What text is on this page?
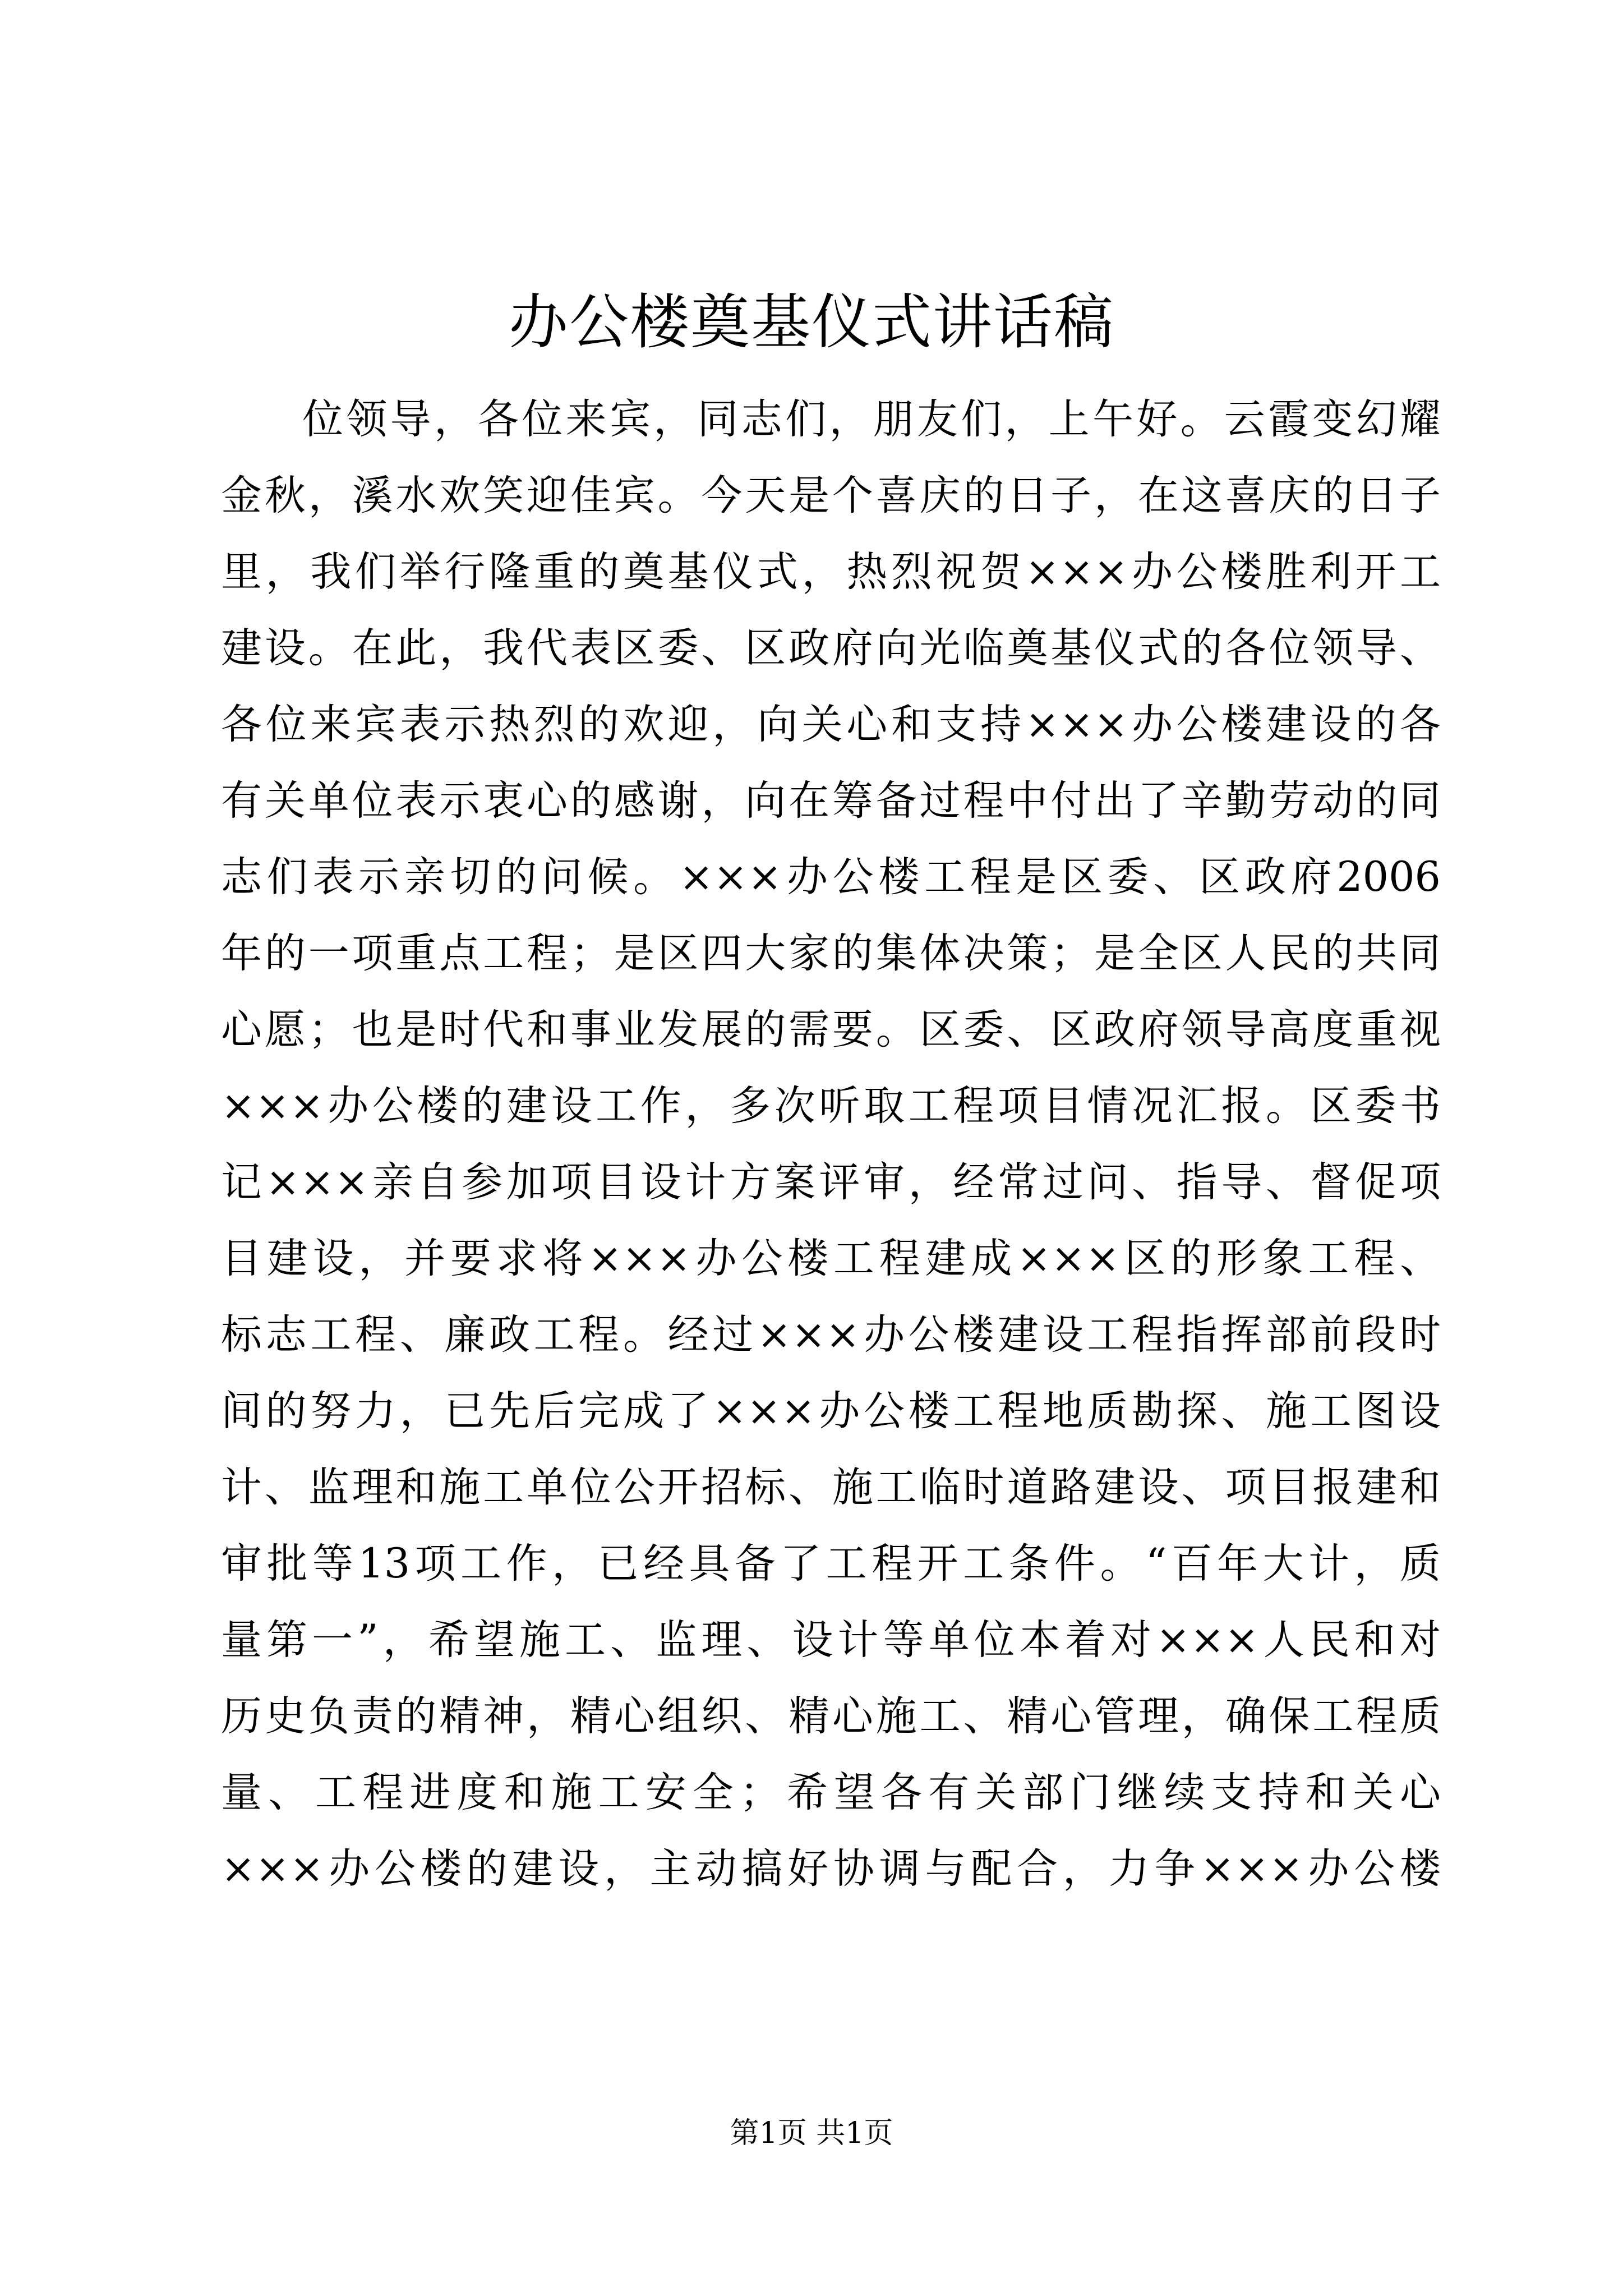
办公楼奠基仪式讲话稿
位领导，各位来宾，同志们，朋友们，上午好。云霞变幻耀
金秋，溪水欢笑迎佳宾。今天是个喜庆的日子，在这喜庆的日子
里，我们举行隆重的奠基仪式，热烈祝贺×××办公楼胜利开工
建设。在此，我代表区委、区政府向光临奠基仪式的各位领导、
各位来宾表示热烈的欢迎，向关心和支持×××办公楼建设的各
有关单位表示衷心的感谢，向在筹备过程中付出了辛勤劳动的同
志们表示亲切的问候。×××办公楼工程是区委、区政府2006
年的一项重点工程；是区四大家的集体决策；是全区人民的共同
心愿；也是时代和事业发展的需要。区委、区政府领导高度重视
×××办公楼的建设工作，多次听取工程项目情况汇报。区委书
记×××亲自参加项目设计方案评审，经常过问、指导、督促项
目建设，并要求将×××办公楼工程建成×××区的形象工程、
标志工程、廉政工程。经过×××办公楼建设工程指挥部前段时
间的努力，已先后完成了×××办公楼工程地质勘探、施工图设
计、监理和施工单位公开招标、施工临时道路建设、项目报建和
审批等13项工作，已经具备了工程开工条件。“百年大计，质
量第一”，希望施工、监理、设计等单位本着对×××人民和对
历史负责的精神，精心组织、精心施工、精心管理，确保工程质
量、工程进度和施工安全；希望各有关部门继续支持和关心
×××办公楼的建设，主动搞好协调与配合，力争×××办公楼
第1页 共1页
